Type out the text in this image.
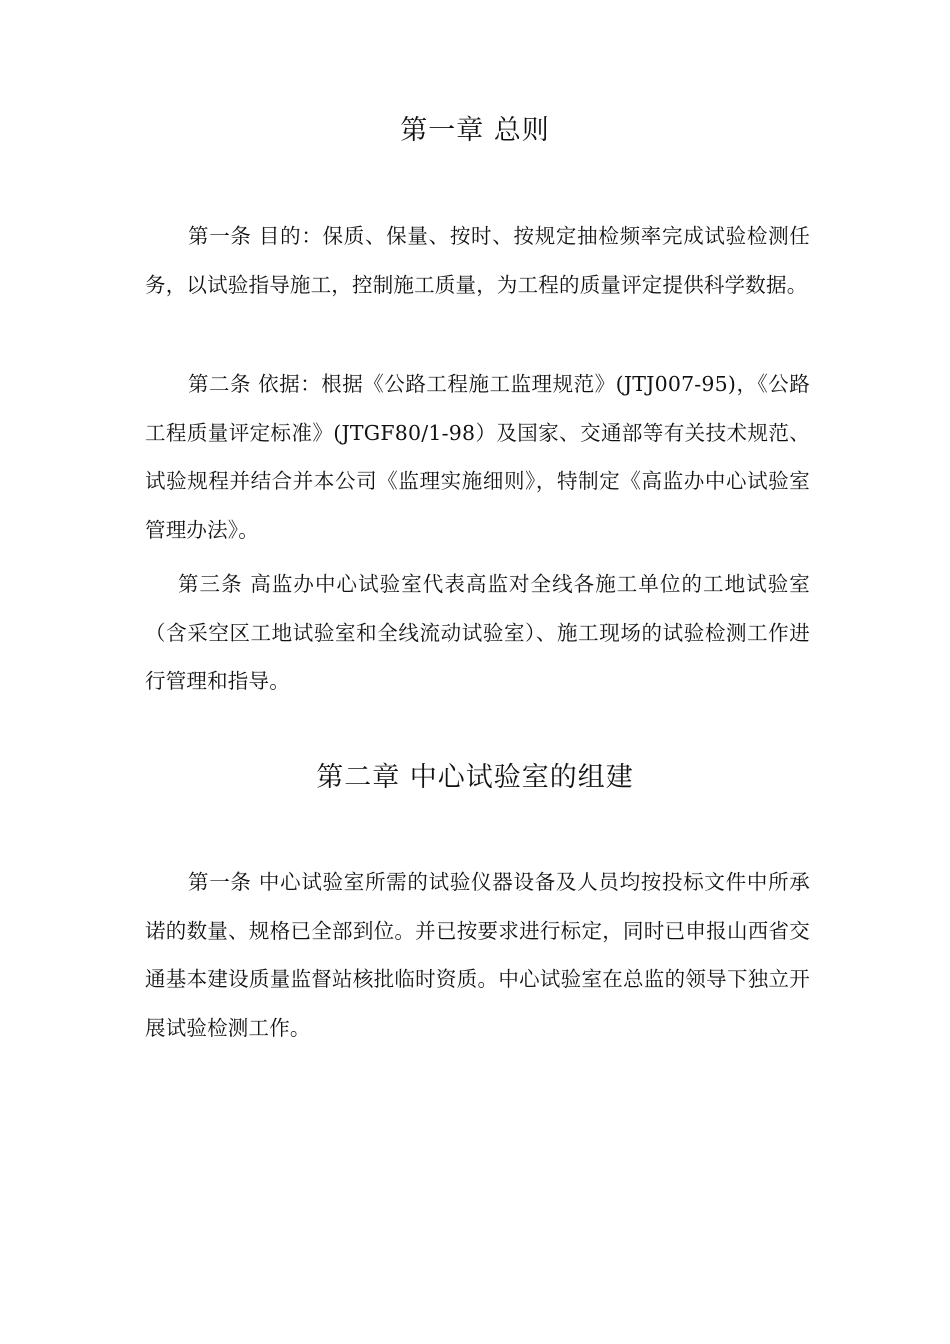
第一章 总则

第一条 目的：保质、保量、按时、按规定抽检频率完成试验检测任务，以试验指导施工，控制施工质量，为工程的质量评定提供科学数据。

第二条 依据：根据《公路工程施工监理规范》(JTJ007-95)，《公路工程质量评定标准》(JTGF80/1-98）及国家、交通部等有关技术规范、试验规程并结合并本公司《监理实施细则》，特制定《高监办中心试验室管理办法》。

第三条 高监办中心试验室代表高监对全线各施工单位的工地试验室（含采空区工地试验室和全线流动试验室）、施工现场的试验检测工作进行管理和指导。

第二章 中心试验室的组建

第一条 中心试验室所需的试验仪器设备及人员均按投标文件中所承诺的数量、规格已全部到位。并已按要求进行标定，同时已申报山西省交通基本建设质量监督站核批临时资质。中心试验室在总监的领导下独立开展试验检测工作。
